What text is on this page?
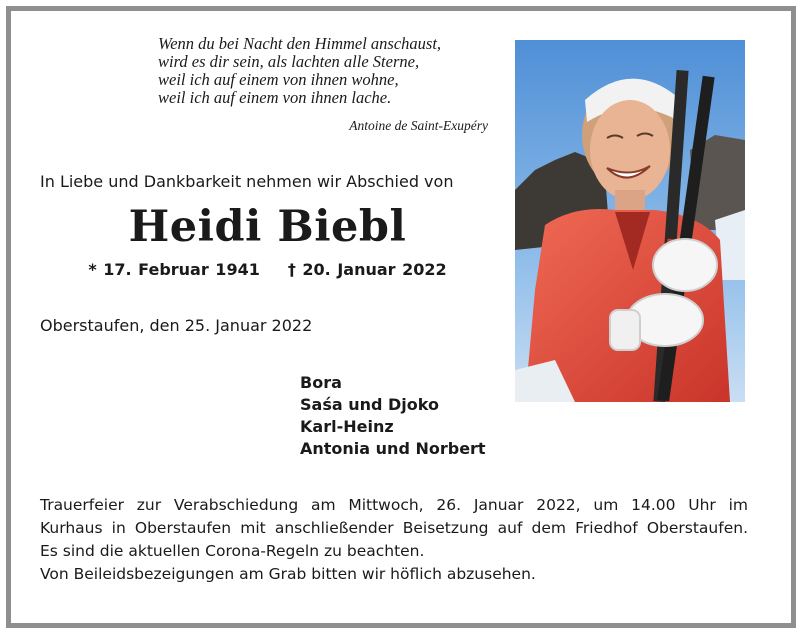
Wenn du bei Nacht den Himmel anschaust,
wird es dir sein, als lachten alle Sterne,
weil ich auf einem von ihnen wohne,
weil ich auf einem von ihnen lache.
Antoine de Saint-Exupéry
In Liebe und Dankbarkeit nehmen wir Abschied von
Heidi Biebl
* 17. Februar 1941 † 20. Januar 2022
Oberstaufen, den 25. Januar 2022
Bora
Saśa und Djoko
Karl-Heinz
Antonia und Norbert
Trauerfeier zur Verabschiedung am Mittwoch, 26. Januar 2022, um 14.00 Uhr im
Kurhaus in Oberstaufen mit anschließender Beisetzung auf dem Friedhof Oberstaufen.
Es sind die aktuellen Corona-Regeln zu beachten.
Von Beileidsbezeigungen am Grab bitten wir höflich abzusehen.
